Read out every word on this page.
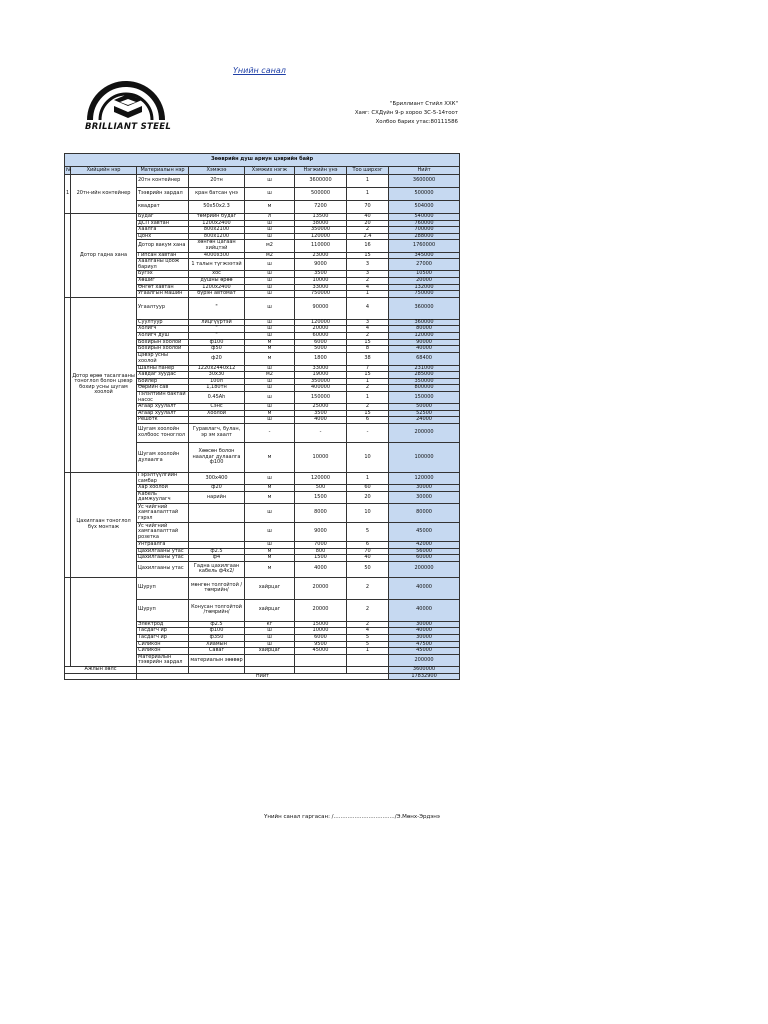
BRILLIANT STEEL
Үнийн санал
"Бриллиант Стийл ХХК"
Хаяг: СХДүйн 9-р хороо 3C-5-14тоот
Холбоо барих утас:80111586
Зөөврийн душ ариун цэврийн байр							
№	Хийцийн нэр	Материалын нэр	Хэмжээ	Хэмжих нэгж	Нэгжийн үнэ	Тоо ширхэг	Нийт
1	20тн-ийн контейнер	20тн контейнер	20тн	ш	3600000	1	3600000
		Тээврийн зардал	кран батсан үнэ	ш	500000	1	500000
		квадрат	50x50x2.3	м	7200	70	504000
	Дотор гадна хана	Будаг	төмрийн будаг	л	13500	40	540000
		ДСП хавтан	1200x2400	ш	38000	20	760000
		Хаалга	800x2100	ш	350000	2	700000
		Цонх	800x1200	ш	120000	2.4	288000
		Дотор вакум хана	хөнгөн цагаан хийцтэй	м2	110000	16	1760000
		Гипсан хавтан	4000x300	м2	23000	15	345000
		Хаалганы цоож бариул	1 талын түгжээтэй	ш	9000	3	27000
		Бугэх	хос	ш	3500	3	10500
		Хөшиг	душны өрөө	ш	10000	2	20000
		Өнгөт хавтан	1200x2400	ш	33000	4	132000
		Угаалгын машин	бүрэн автомат	ш	750000	1	750000
	Дотор өрөө тасалгааны тоноглол болон цэвэр бохир усны шугам хоолой	Угаалтуур	"	ш	90000	4	360000
		Суултуур	лицгүүртэй	ш	120000	3	360000
		Холигч	"	ш	20000	4	80000
		Холигч душ	"	ш	60000	2	120000
		Бохирын хоолой	ф100	м	6000	15	90000
		Бохирын хоолой	ф50	м	5000	8	40000
		Цэвэр усны хоолой	ф20	м	1800	38	68400
		Шалны панер	1220x2440x12	ш	33000	7	231000
		Хавдаг зуудас	30x30	м2	19000	15	285000
		Бойлер	100л	ш	350000	1	350000
		Өөрийн сав	1,180тн	ш	400000	2	800000
		Тэлэлтийн бактай насос	0.45Ah	ш	150000	1	150000
		Агаар хуулалт	Сэнс	ш	25000	2	50000
		Агаар хуулалт	Хоолой	м	3500	15	52500
		Решотк		ш	4000	6	24000
		Шугам хоолойн холбоос тоноглол	Гуравлагч, булан, эр эм хаалт	-	-	-	200000
		Шугам хоолойн дулаалга	Хөөсөн болон наалдаг дулаалга ф100	м	10000	10	100000
	Цахилгаан тоноглол бүх монтаж	Гэрэлтүүлгийн самбар	300x400	ш	120000	1	120000
		Хар хоолой	ф20	м	500	60	30000
		Кабель дамжуулагч	нарийн	м	1500	20	30000
		Ус чийгний хамгаалалттай гэрэл		ш	8000	10	80000
		Ус чийгний хамгаалалттай розетка		ш	9000	5	45000
		Унтраалга		ш	7000	6	42000
		Цахилгааны утас	ф2.5	м	800	70	56000
		Цахилгааны утас	ф4	м	1500	40	60000
		Цахилгааны утас	Гадна цахилгаан кабель ф4x2/	м	4000	50	200000
		Шуруп	мөнгөн толгойтой /төмрийн/	хайрцаг	20000	2	40000
		Шуруп	Конусан толгойтой /төмрийн/	хайрцаг	20000	2	40000
		Электрод	ф2.5	кг	15000	2	30000
		Тасдагч ир	ф100	ш	10000	4	40000
		Тасдагч ир	ф350	ш	6000	5	30000
		Силикон	Хиамын	ш	9500	5	47500
		Силикон	Саваг	хайрцаг	45000	1	45000
		Материалын тээврийн зардал	материалын зөөвөр				200000
Ажлын хөлс							3600000
		Нийт					17832900
Үнийн санал гаргасан: /.................................../Э.Мөнх-Эрдэнэ
